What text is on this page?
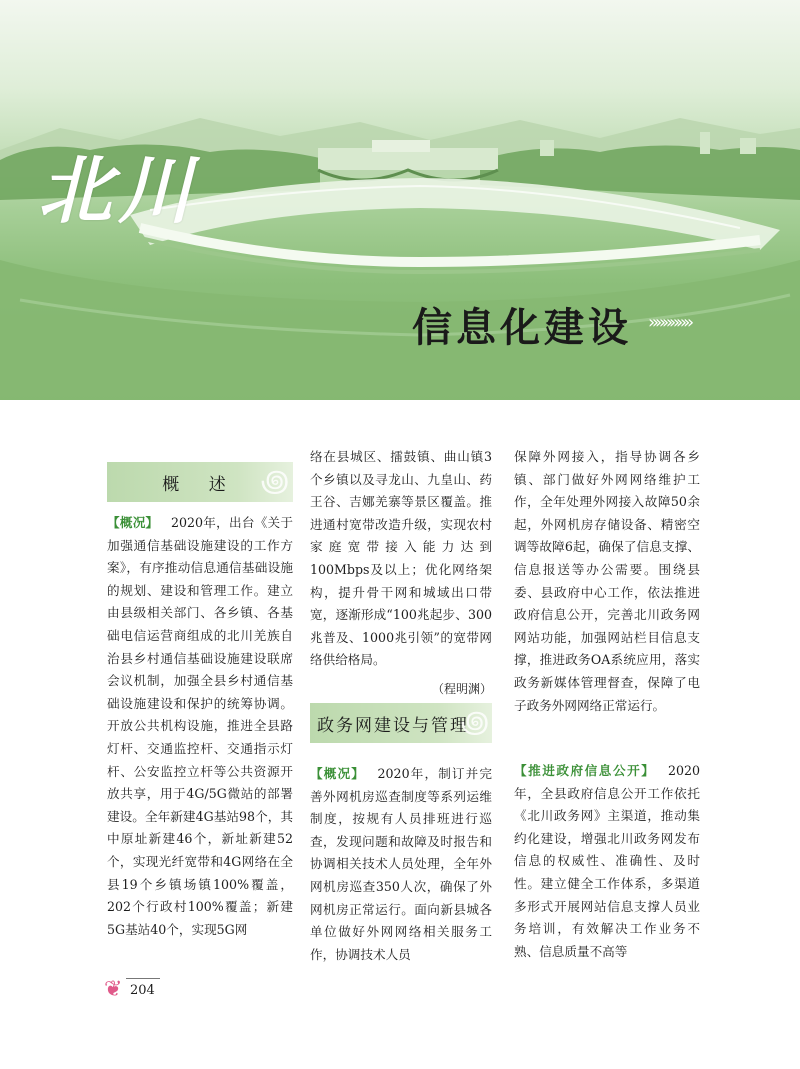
北川
信息化建设 »»»»»»
概 述 ꩜

【概况】  2020年，出台《关于加强通信基础设施建设的工作方案》，有序推动信息通信基础设施的规划、建设和管理工作。建立由县级相关部门、各乡镇、各基础电信运营商组成的北川羌族自治县乡村通信基础设施建设联席会议机制，加强全县乡村通信基础设施建设和保护的统筹协调。开放公共机构设施，推进全县路灯杆、交通监控杆、交通指示灯杆、公安监控立杆等公共资源开放共享，用于4G/5G微站的部署建设。全年新建4G基站98个，其中原址新建46个，新址新建52个，实现光纤宽带和4G网络在全县19个乡镇场镇100%覆盖，202个行政村100%覆盖；新建5G基站40个，实现5G网

络在县城区、擂鼓镇、曲山镇3个乡镇以及寻龙山、九皇山、药王谷、吉娜羌寨等景区覆盖。推进通村宽带改造升级，实现农村家庭宽带接入能力达到100Mbps及以上；优化网络架构，提升骨干网和城域出口带宽，逐渐形成“100兆起步、300兆普及、1000兆引领”的宽带网络供给格局。

（程明渊）
政务网建设与管理
꩜

【概况】  2020年，制订并完善外网机房巡查制度等系列运维制度，按规有人员排班进行巡查，发现问题和故障及时报告和协调相关技术人员处理，全年外网机房巡查350人次，确保了外网机房正常运行。面向新县城各单位做好外网网络相关服务工作，协调技术人员

保障外网接入，指导协调各乡镇、部门做好外网网络维护工作，全年处理外网接入故障50余起，外网机房存储设备、精密空调等故障6起，确保了信息支撑、信息报送等办公需要。围绕县委、县政府中心工作，依法推进政府信息公开，完善北川政务网网站功能，加强网站栏目信息支撑，推进政务OA系统应用，落实政务新媒体管理督查，保障了电子政务外网网络正常运行。

【推进政府信息公开】  2020年，全县政府信息公开工作依托《北川政务网》主渠道，推动集约化建设，增强北川政务网发布信息的权威性、准确性、及时性。建立健全工作体系，多渠道多形式开展网站信息支撑人员业务培训，有效解决工作业务不熟、信息质量不高等

❦ 204
